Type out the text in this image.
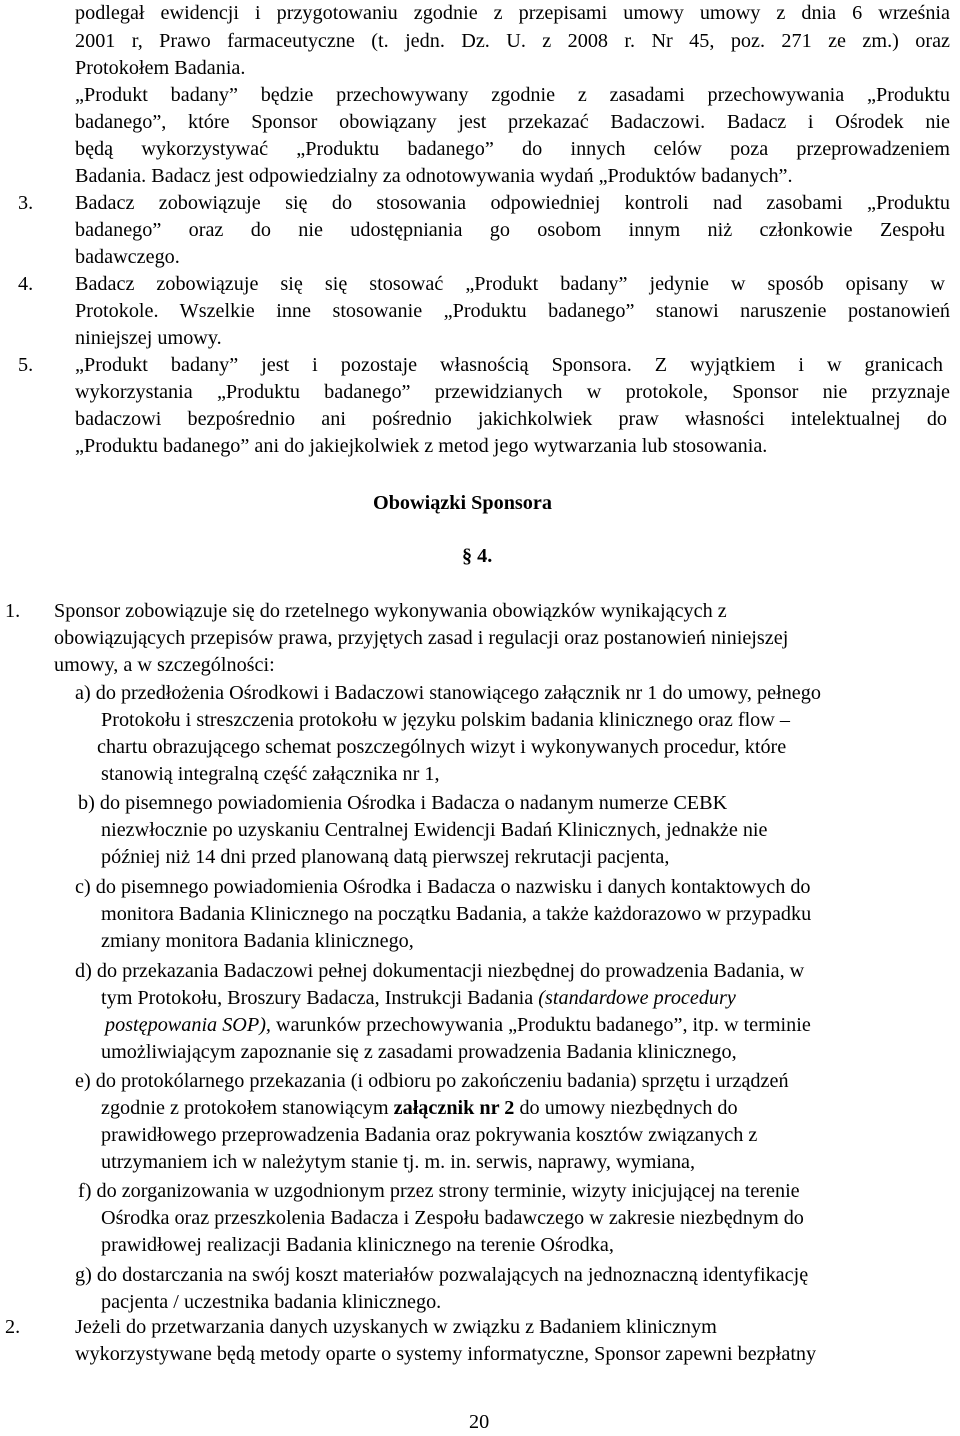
podlegał ewidencji i przygotowaniu zgodnie z przepisami umowy umowy z dnia 6 września
2001 r, Prawo farmaceutyczne (t. jedn. Dz. U. z 2008 r. Nr 45, poz. 271 ze zm.) oraz
Protokołem Badania.
„Produkt badany” będzie przechowywany zgodnie z zasadami przechowywania „Produktu
badanego”, które Sponsor obowiązany jest przekazać Badaczowi. Badacz i Ośrodek nie
będą wykorzystywać „Produktu badanego” do innych celów poza przeprowadzeniem
Badania. Badacz jest odpowiedzialny za odnotowywania wydań „Produktów badanych”.
3. Badacz zobowiązuje się do stosowania odpowiedniej kontroli nad zasobami „Produktu
badanego” oraz do nie udostępniania go osobom innym niż członkowie Zespołu
badawczego.
4. Badacz zobowiązuje się się stosować „Produkt badany” jedynie w sposób opisany w
Protokole. Wszelkie inne stosowanie „Produktu badanego” stanowi naruszenie postanowień
niniejszej umowy.
5. „Produkt badany” jest i pozostaje własnością Sponsora. Z wyjątkiem i w granicach
wykorzystania „Produktu badanego” przewidzianych w protokole, Sponsor nie przyznaje
badaczowi bezpośrednio ani pośrednio jakichkolwiek praw własności intelektualnej do
„Produktu badanego” ani do jakiejkolwiek z metod jego wytwarzania lub stosowania.
Obowiązki Sponsora
§ 4.
1. Sponsor zobowiązuje się do rzetelnego wykonywania obowiązków wynikających z
obowiązujących przepisów prawa, przyjętych zasad i regulacji oraz postanowień niniejszej
umowy, a w szczególności:
a) do przedłożenia Ośrodkowi i Badaczowi stanowiącego załącznik nr 1 do umowy, pełnego
Protokołu i streszczenia protokołu w języku polskim badania klinicznego oraz flow –
chartu obrazującego schemat poszczególnych wizyt i wykonywanych procedur, które
stanowią integralną część załącznika nr 1,
b) do pisemnego powiadomienia Ośrodka i Badacza o nadanym numerze CEBK
niezwłocznie po uzyskaniu Centralnej Ewidencji Badań Klinicznych, jednakże nie
później niż 14 dni przed planowaną datą pierwszej rekrutacji pacjenta,
c) do pisemnego powiadomienia Ośrodka i Badacza o nazwisku i danych kontaktowych do
monitora Badania Klinicznego na początku Badania, a także każdorazowo w przypadku
zmiany monitora Badania klinicznego,
d) do przekazania Badaczowi pełnej dokumentacji niezbędnej do prowadzenia Badania, w
tym Protokołu, Broszury Badacza, Instrukcji Badania (standardowe procedury
postępowania SOP), warunków przechowywania „Produktu badanego”, itp. w terminie
umożliwiającym zapoznanie się z zasadami prowadzenia Badania klinicznego,
e) do protokólarnego przekazania (i odbioru po zakończeniu badania) sprzętu i urządzeń
zgodnie z protokołem stanowiącym załącznik nr 2 do umowy niezbędnych do
prawidłowego przeprowadzenia Badania oraz pokrywania kosztów związanych z
utrzymaniem ich w należytym stanie tj. m. in. serwis, naprawy, wymiana,
f) do zorganizowania w uzgodnionym przez strony terminie, wizyty inicjującej na terenie
Ośrodka oraz przeszkolenia Badacza i Zespołu badawczego w zakresie niezbędnym do
prawidłowej realizacji Badania klinicznego na terenie Ośrodka,
g) do dostarczania na swój koszt materiałów pozwalających na jednoznaczną identyfikację
pacjenta / uczestnika badania klinicznego.
2.	Jeżeli do przetwarzania danych uzyskanych w związku z Badaniem klinicznym
wykorzystywane będą metody oparte o systemy informatyczne, Sponsor zapewni bezpłatny
20
